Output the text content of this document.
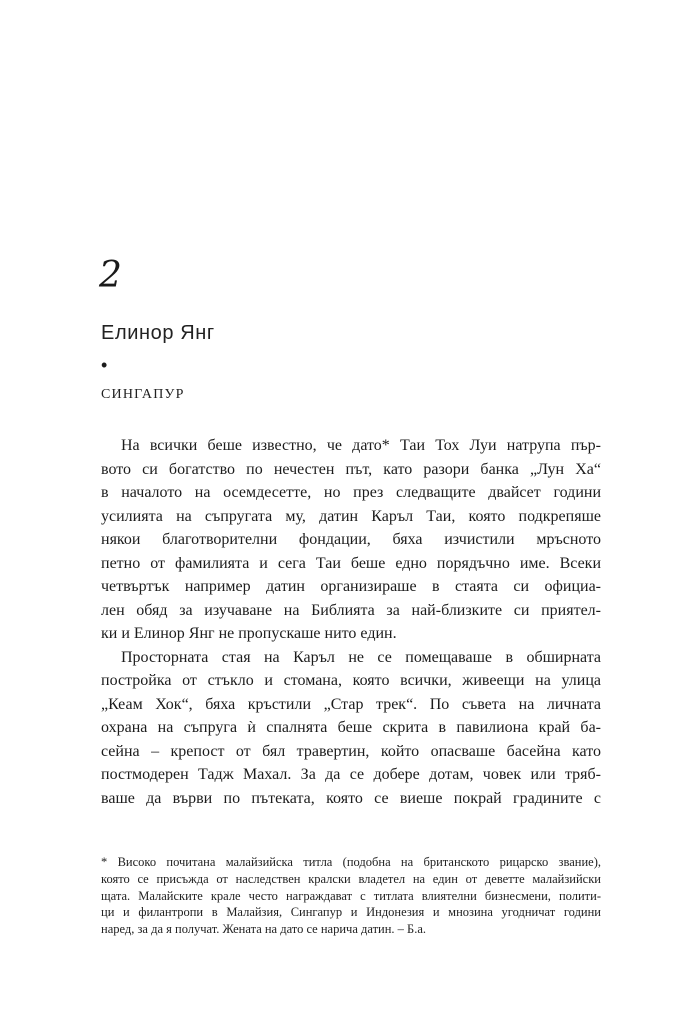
2
Елинор Янг
•
СИНГАПУР
На всички беше известно, че дато* Таи Тох Луи натрупа пър-
вото си богатство по нечестен път, като разори банка „Лун Ха“
в началото на осемдесетте, но през следващите двайсет години
усилията на съпругата му, датин Каръл Таи, която подкрепяше
някои благотворителни фондации, бяха изчистили мръсното
петно от фамилията и сега Таи беше едно порядъчно име. Всеки
четвъртък например датин организираше в стаята си официа-
лен обяд за изучаване на Библията за най-близките си приятел-
ки и Елинор Янг не пропускаше нито един.
Просторната стая на Каръл не се помещаваше в обширната
постройка от стъкло и стомана, която всички, живеещи на улица
„Кеам Хок“, бяха кръстили „Стар трек“. По съвета на личната
охрана на съпруга ѝ спалнята беше скрита в павилиона край ба-
сейна – крепост от бял травертин, който опасваше басейна като
постмодерен Тадж Махал. За да се добере дотам, човек или тряб-
ваше да върви по пътеката, която се виеше покрай градините с
* Високо почитана малайзийска титла (подобна на британското рицарско звание),
която се присъжда от наследствен кралски владетел на един от деветте малайзийски
щата. Малайските крале често награждават с титлата влиятелни бизнесмени, полити-
ци и филантропи в Малайзия, Сингапур и Индонезия и мнозина угодничат години
наред, за да я получат. Жената на дато се нарича датин. – Б.а.
